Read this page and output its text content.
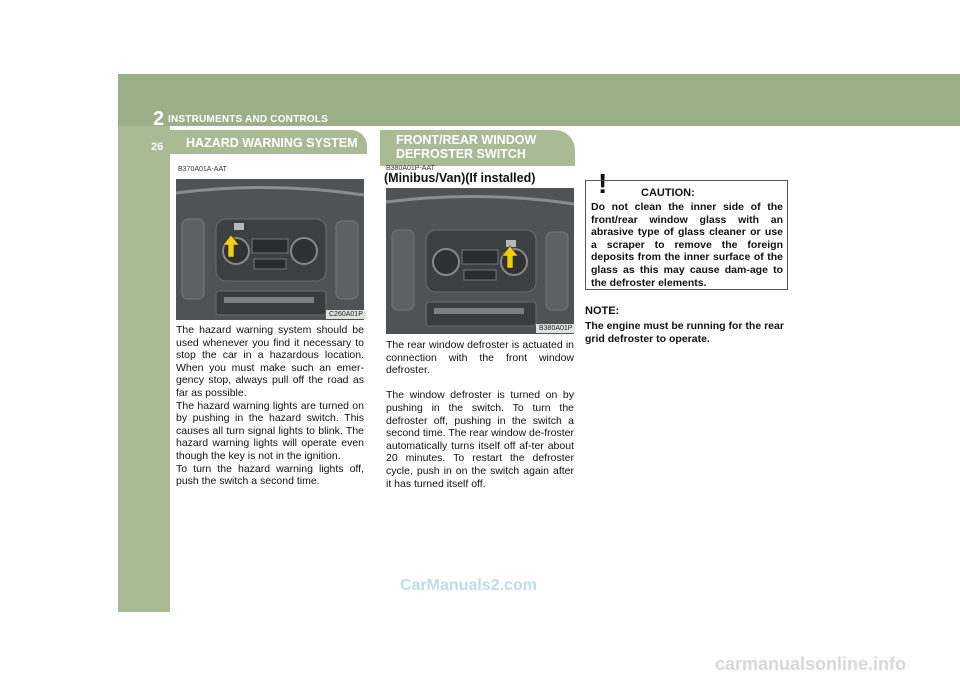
2 INSTRUMENTS AND CONTROLS
26	HAZARD WARNING SYSTEM
B370A01A-AAT
C260A01P
The hazard warning system should be used whenever you find it necessary to stop the car in a hazardous location. When you must make such an emer-gency stop, always pull off the road as far as possible.
The hazard warning lights are turned on by pushing in the hazard switch. This causes all turn signal lights to blink. The hazard warning lights will operate even though the key is not in the ignition.
To turn the hazard warning lights off, push the switch a second time.
FRONT/REAR WINDOW
DEFROSTER SWITCH
B380A01P-AAT
(Minibus/Van)(If installed)
B380A01P
The rear window defroster is actuated in connection with the front window defroster.

The window defroster is turned on by pushing in the switch. To turn the defroster off, pushing in the switch a second time. The rear window de-froster automatically turns itself off af-ter about 20 minutes. To restart the defroster cycle, push in on the switch again after it has turned itself off.
!	CAUTION:
Do not clean the inner side of the front/rear window glass with an abrasive type of glass cleaner or use a scraper to remove the foreign deposits from the inner surface of the glass as this may cause dam-age to the defroster elements.
NOTE:
The engine must be running for the rear grid defroster to operate.
CarManuals2.com
carmanualsonline.info
